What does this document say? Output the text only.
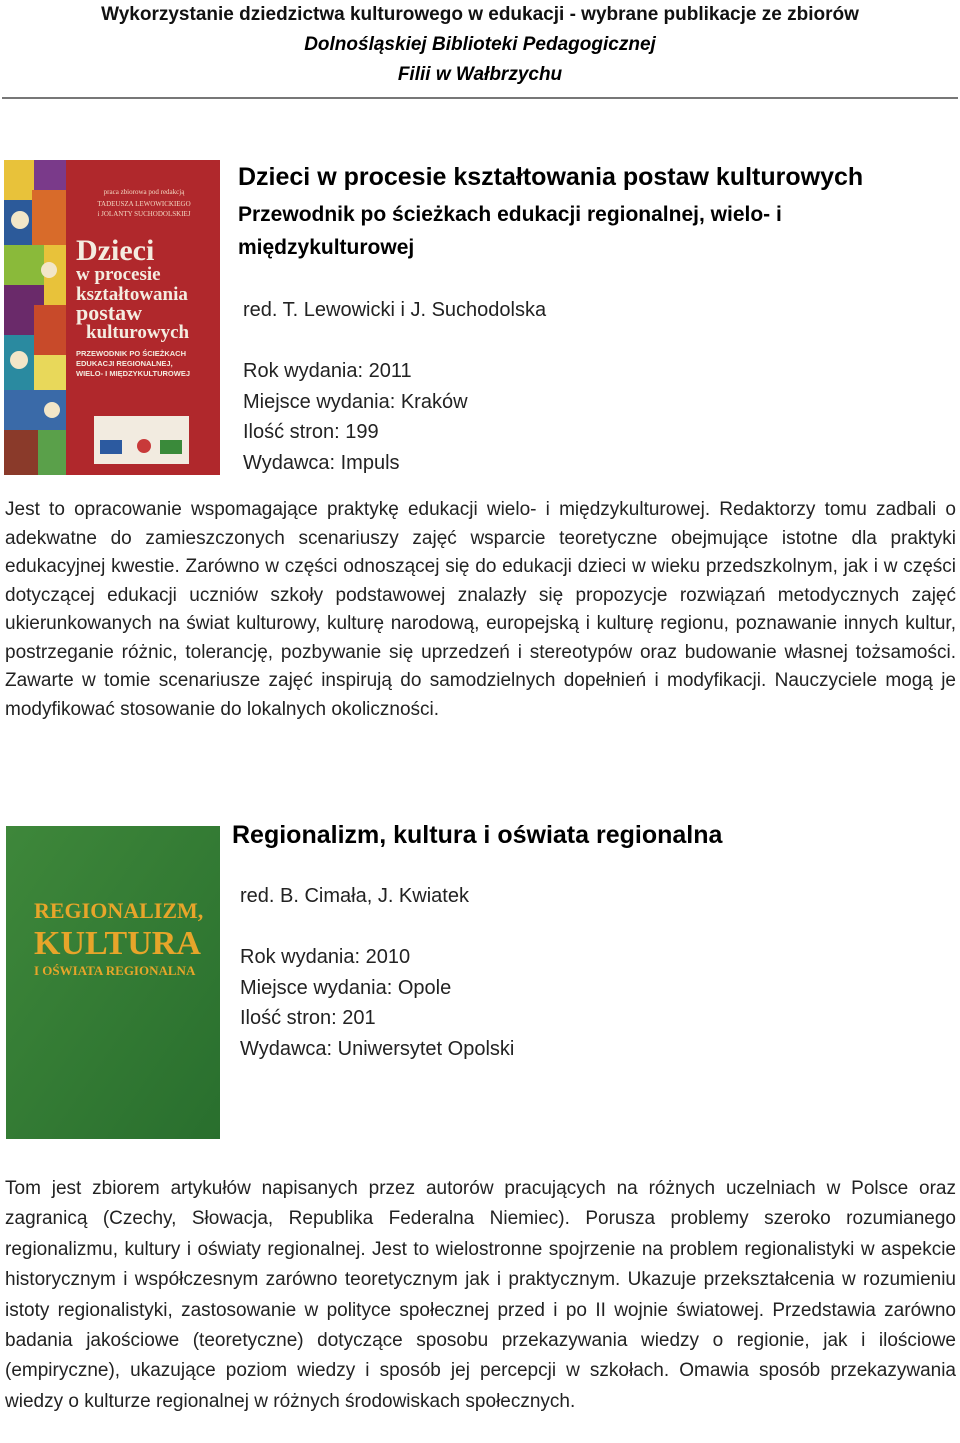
Wykorzystanie dziedzictwa kulturowego w edukacji - wybrane publikacje ze zbiorów
Dolnośląskiej Biblioteki Pedagogicznej
Filii w Wałbrzychu
praca zbiorowa pod redakcją
TADEUSZA LEWOWICKIEGO
i JOLANTY SUCHODOLSKIEJ
Dzieci
w procesie
kształtowania
postaw
kulturowych
PRZEWODNIK PO ŚCIEŻKACH
EDUKACJI REGIONALNEJ,
WIELO- I MIĘDZYKULTUROWEJ
Dzieci w procesie kształtowania postaw kulturowych
Przewodnik po ścieżkach edukacji regionalnej, wielo- i
międzykulturowej
red. T. Lewowicki i J. Suchodolska
Rok wydania: 2011
Miejsce wydania: Kraków
Ilość stron: 199
Wydawca: Impuls
Jest to opracowanie wspomagające praktykę edukacji wielo- i międzykulturowej. Redaktorzy tomu zadbali o adekwatne do zamieszczonych scenariuszy zajęć wsparcie teoretyczne obejmujące istotne dla praktyki edukacyjnej kwestie. Zarówno w części odnoszącej się do edukacji dzieci w wieku przedszkolnym, jak i w części dotyczącej edukacji uczniów szkoły podstawowej znalazły się propozycje rozwiązań metodycznych zajęć ukierunkowanych na świat kulturowy, kulturę narodową, europejską i kulturę regionu, poznawanie innych kultur, postrzeganie różnic, tolerancję, pozbywanie się uprzedzeń i stereotypów oraz budowanie własnej tożsamości. Zawarte w tomie scenariusze zajęć inspirują do samodzielnych dopełnień i modyfikacji. Nauczyciele mogą je modyfikować stosowanie do lokalnych okoliczności.
REGIONALIZM,
KULTURA
I OŚWIATA REGIONALNA
Regionalizm, kultura i oświata regionalna
red. B. Cimała, J. Kwiatek
Rok wydania: 2010
Miejsce wydania: Opole
Ilość stron: 201
Wydawca: Uniwersytet Opolski
Tom jest zbiorem artykułów napisanych przez autorów pracujących na różnych uczelniach w Polsce oraz zagranicą (Czechy, Słowacja, Republika Federalna Niemiec). Porusza problemy szeroko rozumianego regionalizmu, kultury i oświaty regionalnej. Jest to wielostronne spojrzenie na problem regionalistyki w aspekcie historycznym i współczesnym zarówno teoretycznym jak i praktycznym. Ukazuje przekształcenia w rozumieniu istoty regionalistyki, zastosowanie w polityce społecznej przed i po II wojnie światowej. Przedstawia zarówno badania jakościowe (teoretyczne) dotyczące sposobu przekazywania wiedzy o regionie, jak i ilościowe (empiryczne), ukazujące poziom wiedzy i sposób jej percepcji w szkołach. Omawia sposób przekazywania wiedzy o kulturze regionalnej w różnych środowiskach społecznych.
